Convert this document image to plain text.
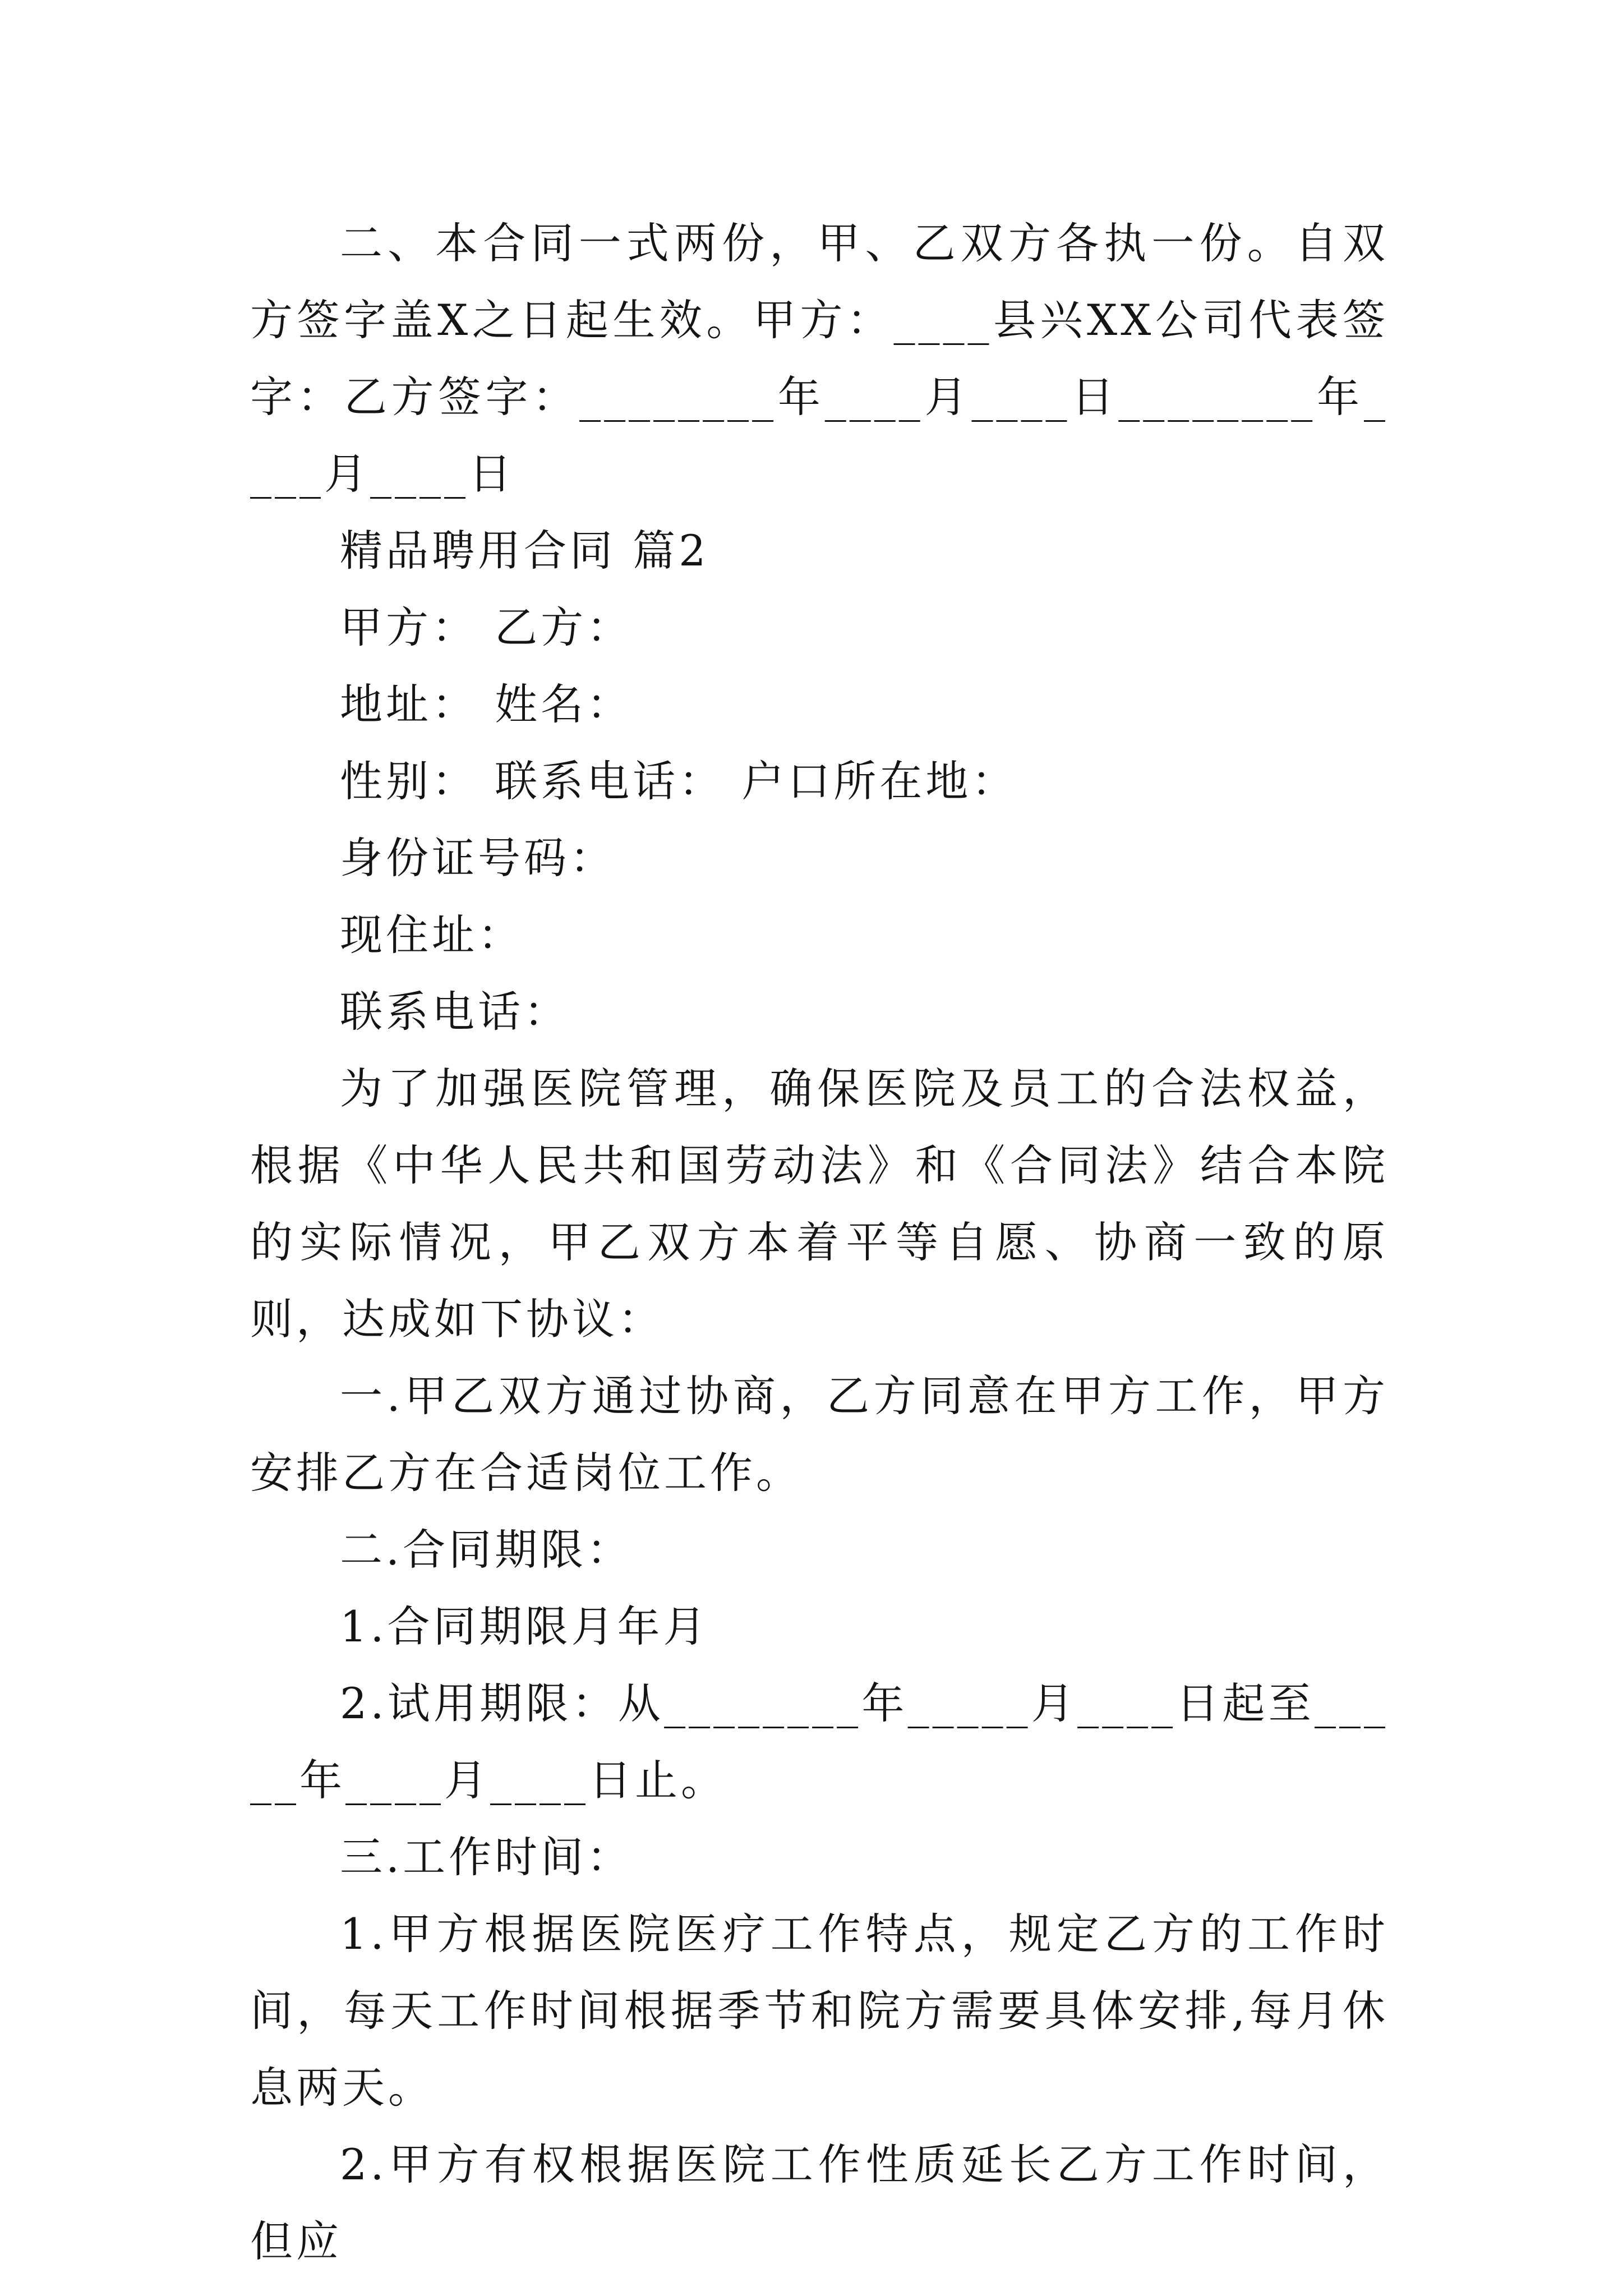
二、本合同一式两份，甲、乙双方各执一份。自双方签字盖X之日起生效。甲方：____县兴XX公司代表签字：乙方签字：________年____月____日________年____月____日

精品聘用合同 篇2

甲方： 乙方：

地址： 姓名：

性别： 联系电话： 户口所在地：

身份证号码：

现住址：

联系电话：

为了加强医院管理，确保医院及员工的合法权益，根据《中华人民共和国劳动法》和《合同法》结合本院的实际情况，甲乙双方本着平等自愿、协商一致的原则，达成如下协议：

一.甲乙双方通过协商，乙方同意在甲方工作，甲方安排乙方在合适岗位工作。

二.合同期限：

1.合同期限月年月

2.试用期限：从________年_____月____日起至_____年____月____日止。

三.工作时间：

1.甲方根据医院医疗工作特点，规定乙方的工作时间，每天工作时间根据季节和院方需要具体安排,每月休息两天。

2.甲方有权根据医院工作性质延长乙方工作时间，但应
